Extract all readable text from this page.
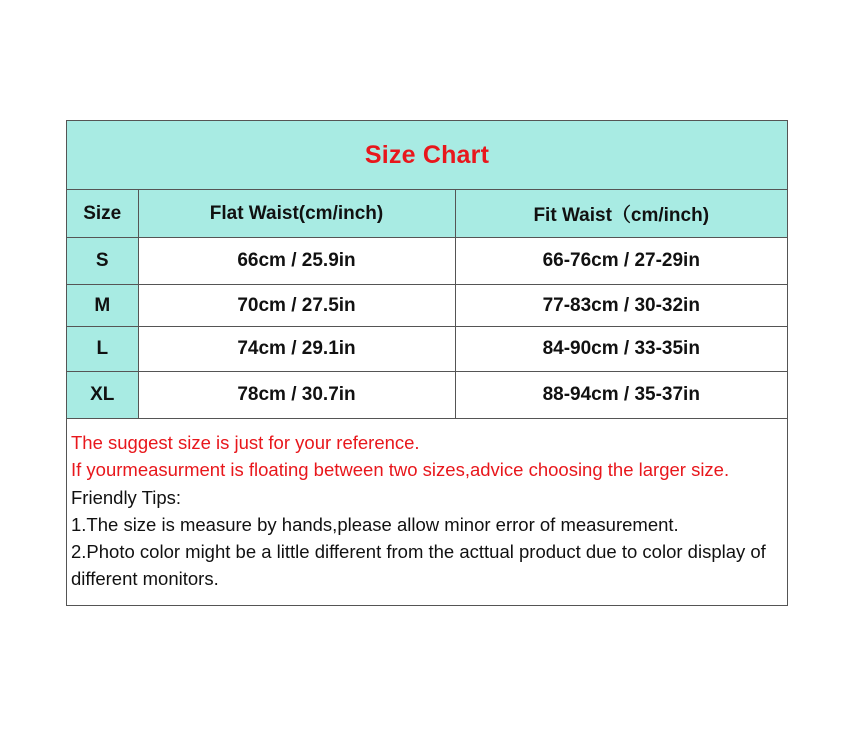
Size Chart
Size	Flat Waist(cm/inch)	Fit Waist（cm/inch)
S	66cm / 25.9in	66-76cm / 27-29in
M	70cm / 27.5in	77-83cm / 30-32in
L	74cm / 29.1in	84-90cm / 33-35in
XL	78cm / 30.7in	88-94cm / 35-37in

The suggest size is just for your reference.

If yourmeasurment is floating between two sizes,advice choosing the larger size.

Friendly Tips:

1.The size is measure by hands,please allow minor error of measurement.

2.Photo color might be a little different from the acttual product due to color display of different monitors.
